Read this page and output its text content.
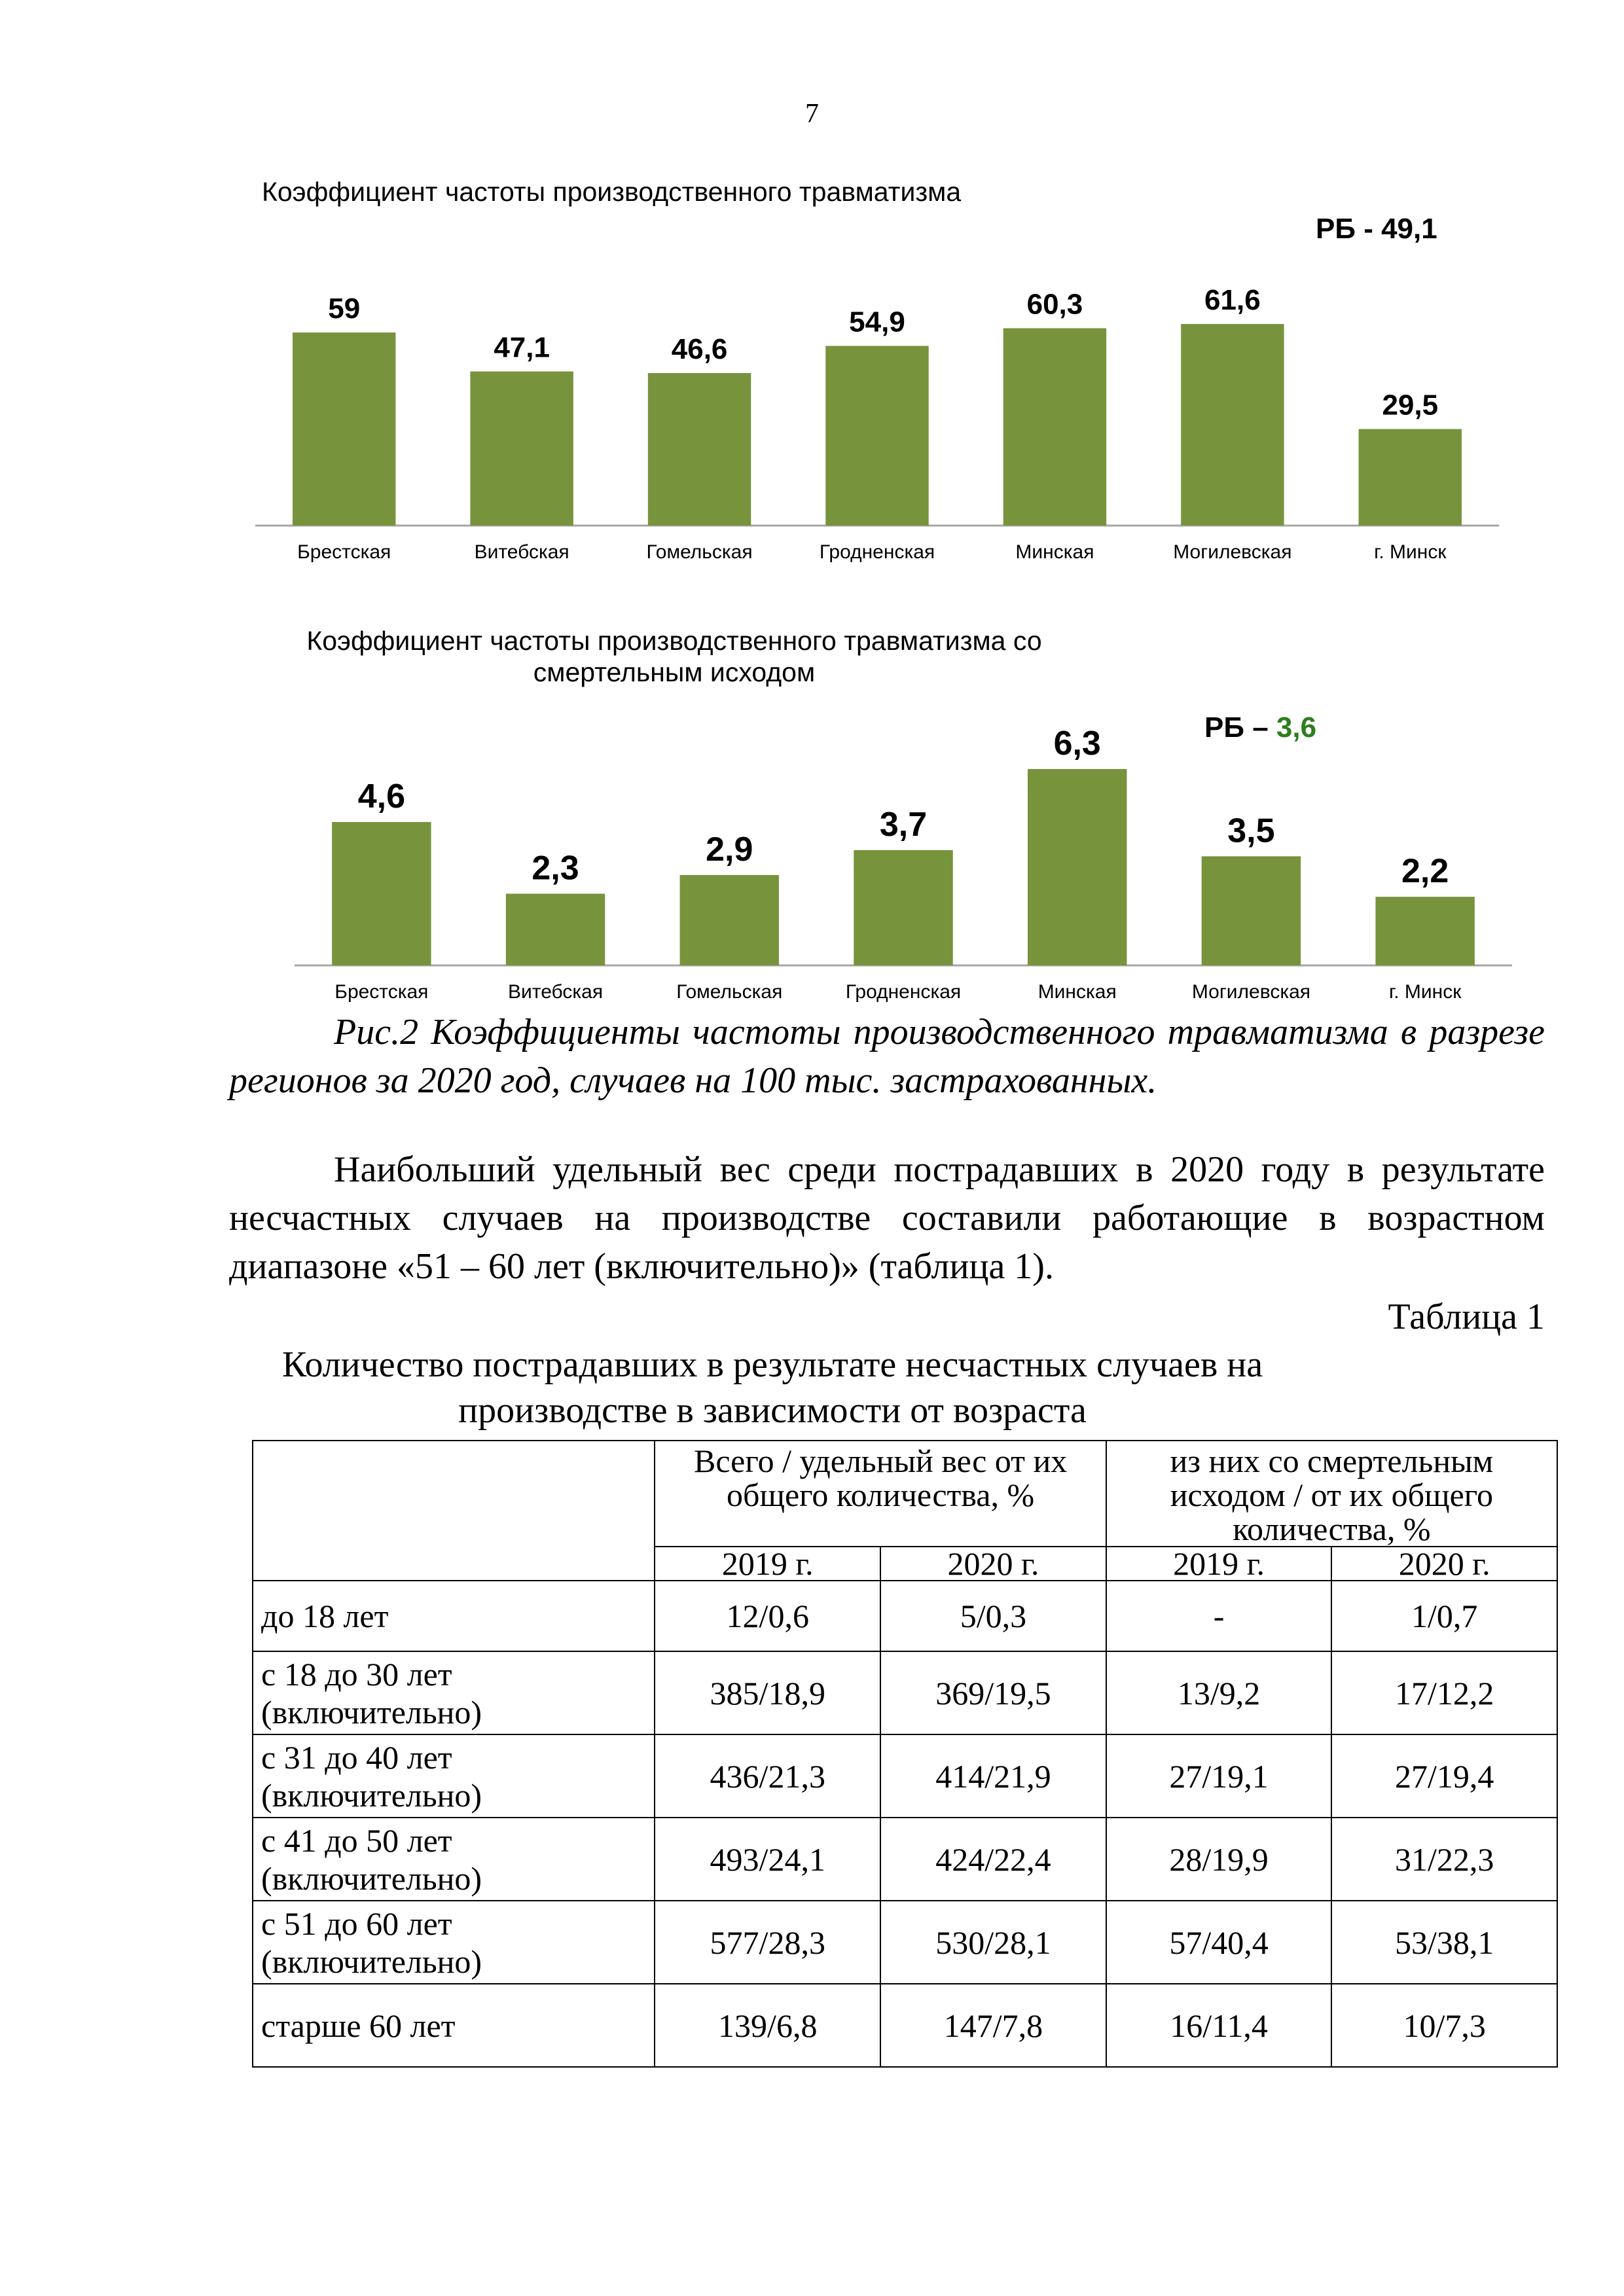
7
Коэффициент частоты производственного травматизма
РБ - 49,1
59
Брестская
47,1
Витебская
46,6
Гомельская
54,9
Гродненская
60,3
Минская
61,6
Могилевская
29,5
г. Минск
Коэффициент частоты производственного травматизма со
смертельным исходом
РБ – 3,6
4,6
Брестская
2,3
Витебская
2,9
Гомельская
3,7
Гродненская
6,3
Минская
3,5
Могилевская
2,2
г. Минск
Рис.2 Коэффициенты частоты производственного травматизма в разрезе регионов за 2020 год, случаев на 100 тыс. застрахованных.
Наибольший удельный вес среди пострадавших в 2020 году в результате несчастных случаев на производстве составили работающие в возрастном диапазоне «51 – 60 лет (включительно)» (таблица 1).
Таблица 1
Количество пострадавших в результате несчастных случаев на
производстве в зависимости от возраста
	Всего / удельный вес от их общего количества, %		из них со смертельным исходом / от их общего количества, %	
	2019 г.	2020 г.	2019 г.	2020 г.
до 18 лет	12/0,6	5/0,3	-	1/0,7
с 18 до 30 лет (включительно)	385/18,9	369/19,5	13/9,2	17/12,2
с 31 до 40 лет (включительно)	436/21,3	414/21,9	27/19,1	27/19,4
с 41 до 50 лет (включительно)	493/24,1	424/22,4	28/19,9	31/22,3
с 51 до 60 лет (включительно)	577/28,3	530/28,1	57/40,4	53/38,1
старше 60 лет	139/6,8	147/7,8	16/11,4	10/7,3
